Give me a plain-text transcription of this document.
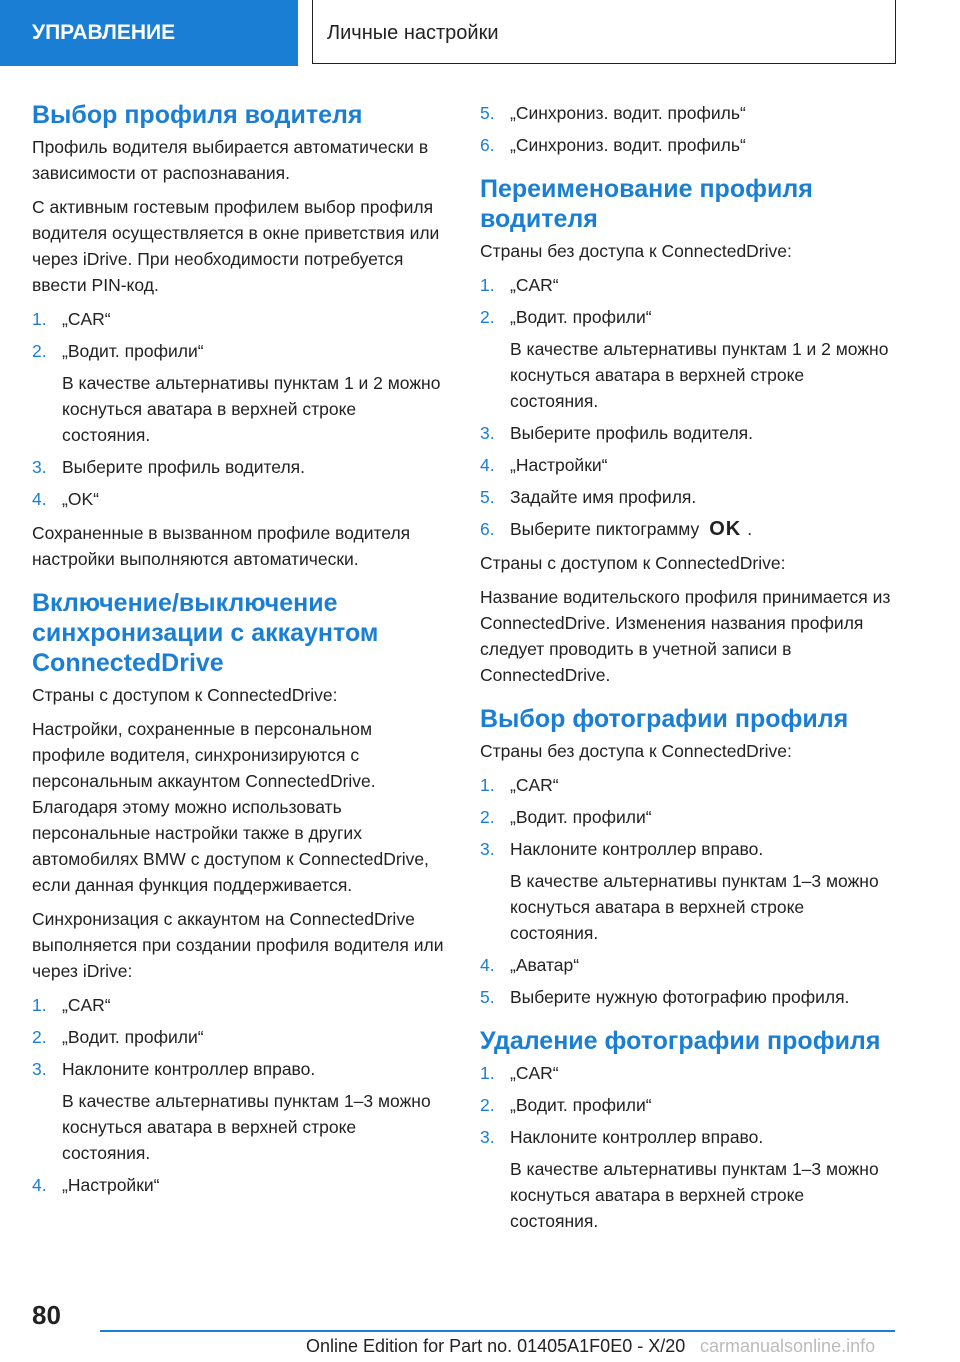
УПРАВЛЕНИЕ	Личные настройки
Выбор профиля водителя

Профиль водителя выбирается автоматически в зависимости от распознавания.

С активным гостевым профилем выбор профиля водителя осуществляется в окне приветствия или через iDrive. При необходимости потребуется ввести PIN-код.

1. „CAR“
2. „Водит. профили“
В качестве альтернативы пунктам 1 и 2 можно коснуться аватара в верхней строке состояния.
3. Выберите профиль водителя.
4. „OK“

Сохраненные в вызванном профиле водителя настройки выполняются автоматически.

Включение/выключение синхронизации с аккаунтом ConnectedDrive

Страны с доступом к ConnectedDrive:

Настройки, сохраненные в персональном профиле водителя, синхронизируются с персональным аккаунтом ConnectedDrive. Благодаря этому можно использовать персональные настройки также в других автомобилях BMW с доступом к ConnectedDrive, если данная функция поддерживается.

Синхронизация с аккаунтом на ConnectedDrive выполняется при создании профиля водителя или через iDrive:

1. „CAR“
2. „Водит. профили“
3. Наклоните контроллер вправо.
В качестве альтернативы пунктам 1–3 можно коснуться аватара в верхней строке состояния.
4. „Настройки“
5. „Синхрониз. водит. профиль“
6. „Синхрониз. водит. профиль“
Переименование профиля водителя

Страны без доступа к ConnectedDrive:

1. „CAR“
2. „Водит. профили“
В качестве альтернативы пунктам 1 и 2 можно коснуться аватара в верхней строке состояния.
3. Выберите профиль водителя.
4. „Настройки“
5. Задайте имя профиля.
6. Выберите пиктограмму OK .

Страны с доступом к ConnectedDrive:

Название водительского профиля принимается из ConnectedDrive. Изменения названия профиля следует проводить в учетной записи в ConnectedDrive.

Выбор фотографии профиля

Страны без доступа к ConnectedDrive:

1. „CAR“
2. „Водит. профили“
3. Наклоните контроллер вправо.
В качестве альтернативы пунктам 1–3 можно коснуться аватара в верхней строке состояния.
4. „Аватар“
5. Выберите нужную фотографию профиля.
Удаление фотографии профиля
1. „CAR“
2. „Водит. профили“
3. Наклоните контроллер вправо.
В качестве альтернативы пунктам 1–3 можно коснуться аватара в верхней строке состояния.
80
Online Edition for Part no. 01405A1F0E0 - X/20 carmanualsonline.info
